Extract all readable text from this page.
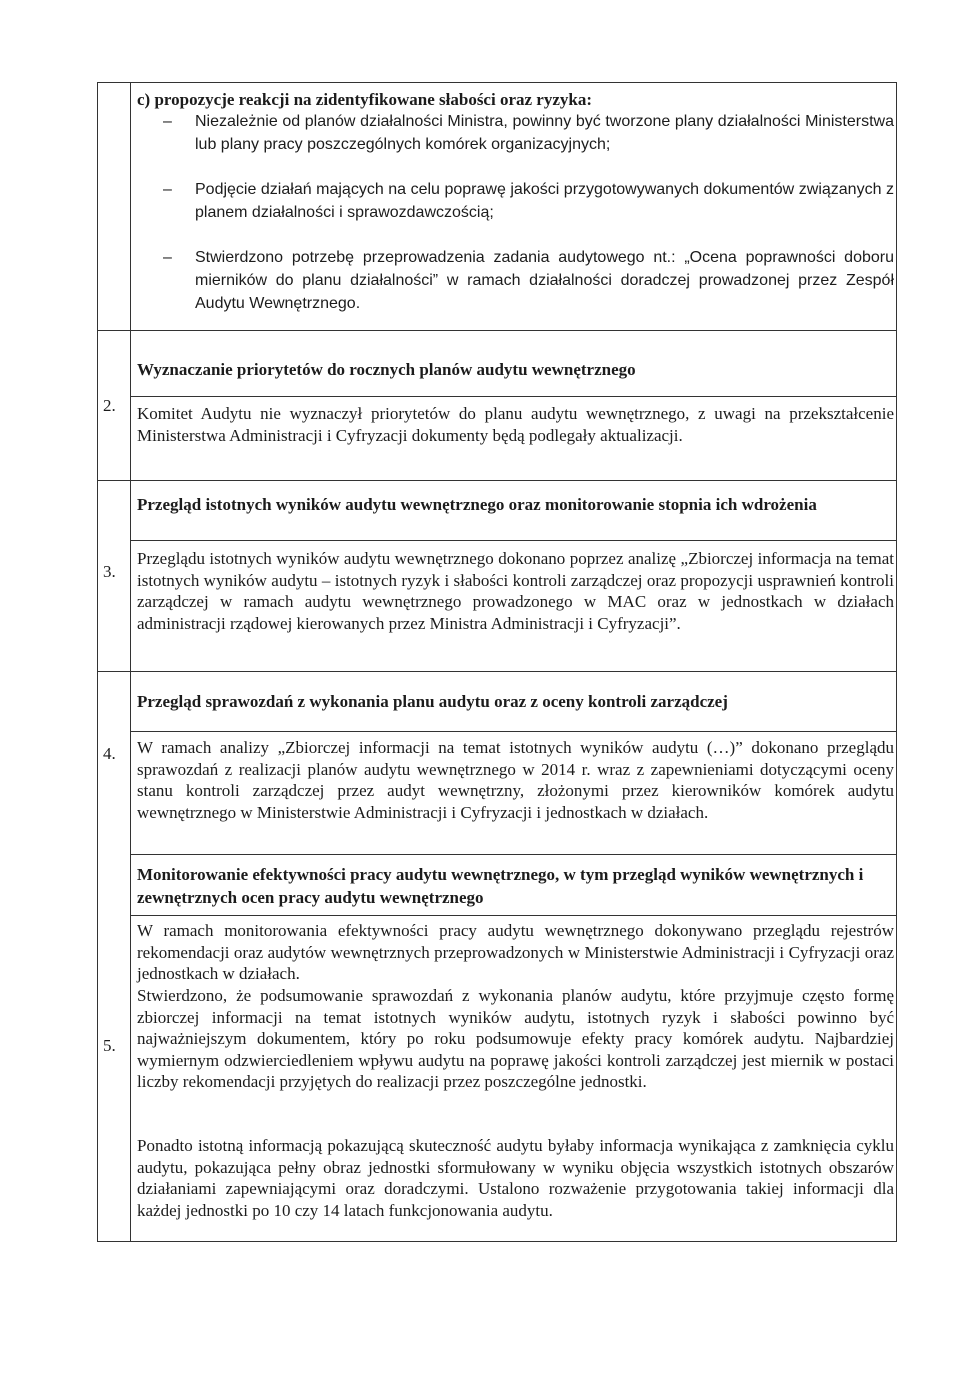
c) propozycje reakcji na zidentyfikowane słabości oraz ryzyka:
– Niezależnie od planów działalności Ministra, powinny być tworzone plany działalności Ministerstwa lub plany pracy poszczególnych komórek organizacyjnych;
– Podjęcie działań mających na celu poprawę jakości przygotowywanych dokumentów związanych z planem działalności i sprawozdawczością;
– Stwierdzono potrzebę przeprowadzenia zadania audytowego nt.: „Ocena poprawności doboru mierników do planu działalności” w ramach działalności doradczej prowadzonej przez Zespół Audytu Wewnętrznego.
2.
Wyznaczanie priorytetów do rocznych planów audytu wewnętrznego
Komitet Audytu nie wyznaczył priorytetów do planu audytu wewnętrznego, z uwagi na przekształcenie Ministerstwa Administracji i Cyfryzacji dokumenty będą podlegały aktualizacji.
3.
Przegląd istotnych wyników audytu wewnętrznego oraz monitorowanie stopnia ich wdrożenia
Przeglądu istotnych wyników audytu wewnętrznego dokonano poprzez analizę „Zbiorczej informacja na temat istotnych wyników audytu – istotnych ryzyk i słabości kontroli zarządczej oraz propozycji usprawnień kontroli zarządczej w ramach audytu wewnętrznego prowadzonego w MAC oraz w jednostkach w działach administracji rządowej kierowanych przez Ministra Administracji i Cyfryzacji”.
4.
Przegląd sprawozdań z wykonania planu audytu oraz z oceny kontroli zarządczej
W ramach analizy „Zbiorczej informacji na temat istotnych wyników audytu (…)” dokonano przeglądu sprawozdań z realizacji planów audytu wewnętrznego w 2014 r. wraz z zapewnieniami dotyczącymi oceny stanu kontroli zarządczej przez audyt wewnętrzny, złożonymi przez kierowników komórek audytu wewnętrznego w Ministerstwie Administracji i Cyfryzacji i jednostkach w działach.
5.
Monitorowanie efektywności pracy audytu wewnętrznego, w tym przegląd wyników wewnętrznych i zewnętrznych ocen pracy audytu wewnętrznego
W ramach monitorowania efektywności pracy audytu wewnętrznego dokonywano przeglądu rejestrów rekomendacji oraz audytów wewnętrznych przeprowadzonych w Ministerstwie Administracji i Cyfryzacji oraz jednostkach w działach.
Stwierdzono, że podsumowanie sprawozdań z wykonania planów audytu, które przyjmuje często formę zbiorczej informacji na temat istotnych wyników audytu, istotnych ryzyk i słabości powinno być najważniejszym dokumentem, który po roku podsumowuje efekty pracy komórek audytu. Najbardziej wymiernym odzwierciedleniem wpływu audytu na poprawę jakości kontroli zarządczej jest miernik w postaci liczby rekomendacji przyjętych do realizacji przez poszczególne jednostki.
Ponadto istotną informacją pokazującą skuteczność audytu byłaby informacja wynikająca z zamknięcia cyklu audytu, pokazująca pełny obraz jednostki sformułowany w wyniku objęcia wszystkich istotnych obszarów działaniami zapewniającymi oraz doradczymi. Ustalono rozważenie przygotowania takiej informacji dla każdej jednostki po 10 czy 14 latach funkcjonowania audytu.
